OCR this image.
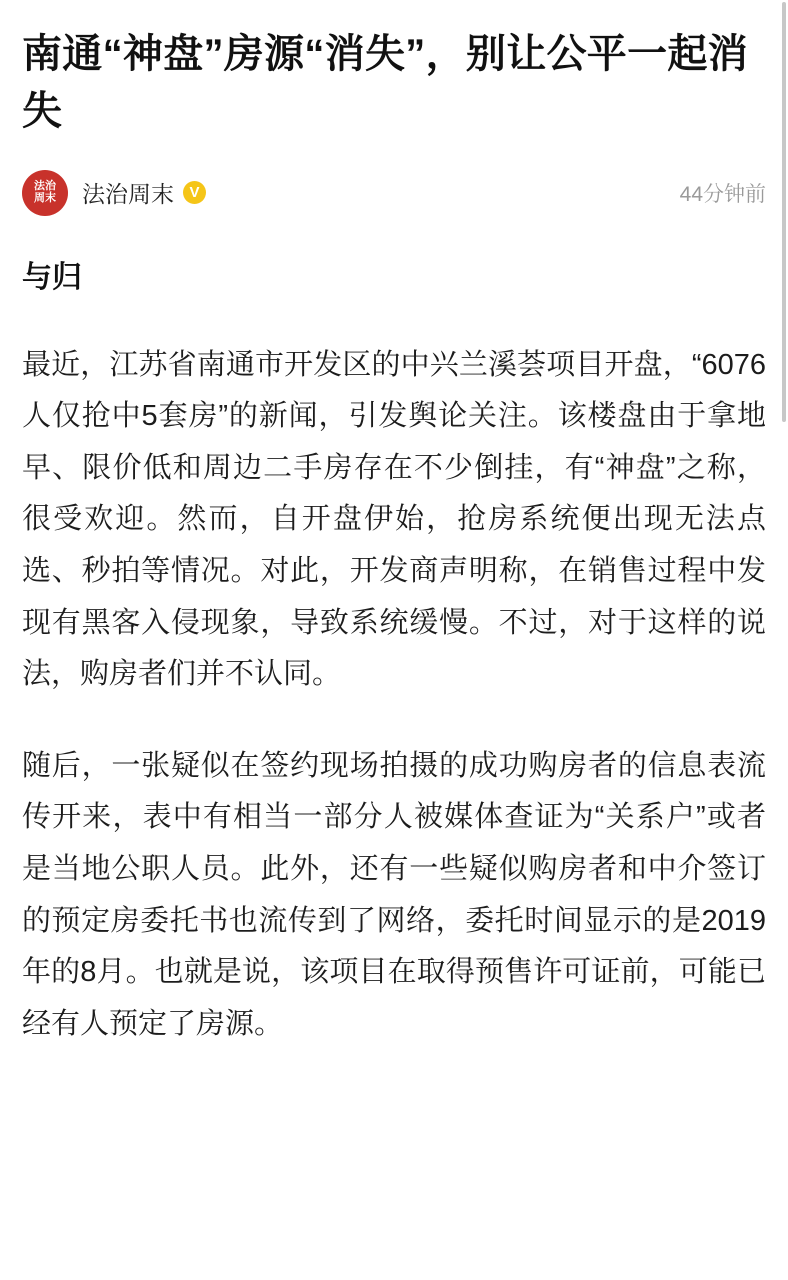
南通“神盘”房源“消失”，别让公平一起消失
法治
周末 法治周末	V	44分钟前
与归

最近，江苏省南通市开发区的中兴兰溪荟项目开盘，“6076人仅抢中5套房”的新闻，引发舆论关注。该楼盘由于拿地早、限价低和周边二手房存在不少倒挂，有“神盘”之称，很受欢迎。然而，自开盘伊始，抢房系统便出现无法点选、秒拍等情况。对此，开发商声明称，在销售过程中发现有黑客入侵现象，导致系统缓慢。不过，对于这样的说法，购房者们并不认同。

随后，一张疑似在签约现场拍摄的成功购房者的信息表流传开来，表中有相当一部分人被媒体查证为“关系户”或者是当地公职人员。此外，还有一些疑似购房者和中介签订的预定房委托书也流传到了网络，委托时间显示的是2019年的8月。也就是说，该项目在取得预售许可证前，可能已经有人预定了房源。
